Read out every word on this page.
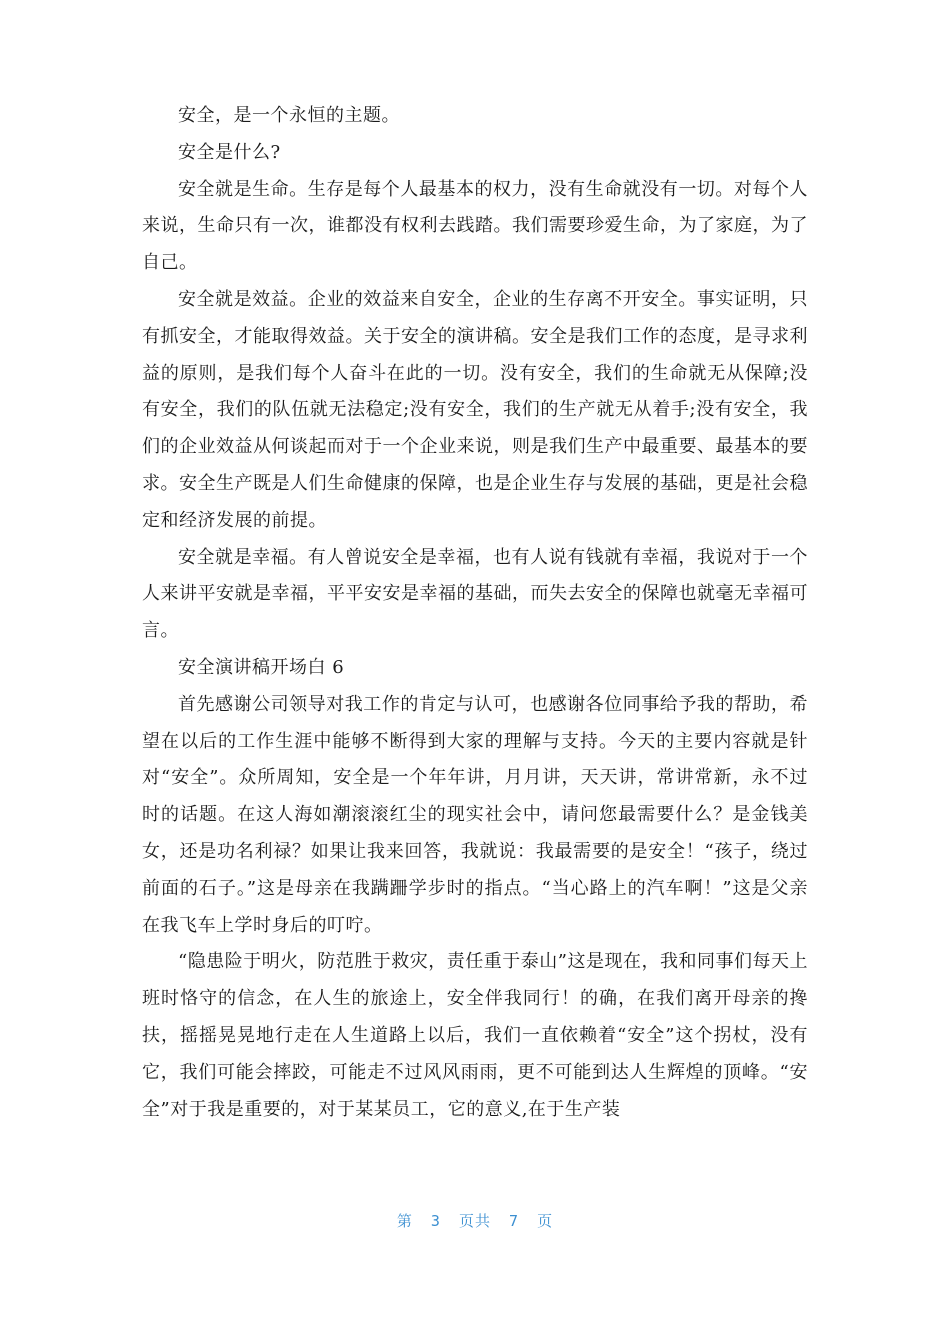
安全，是一个永恒的主题。

安全是什么?

安全就是生命。生存是每个人最基本的权力，没有生命就没有一切。对每个人来说，生命只有一次，谁都没有权利去践踏。我们需要珍爱生命，为了家庭，为了自己。

安全就是效益。企业的效益来自安全，企业的生存离不开安全。事实证明，只有抓安全，才能取得效益。关于安全的演讲稿。安全是我们工作的态度，是寻求利益的原则，是我们每个人奋斗在此的一切。没有安全，我们的生命就无从保障;没有安全，我们的队伍就无法稳定;没有安全，我们的生产就无从着手;没有安全，我们的企业效益从何谈起而对于一个企业来说，则是我们生产中最重要、最基本的要求。安全生产既是人们生命健康的保障，也是企业生存与发展的基础，更是社会稳定和经济发展的前提。

安全就是幸福。有人曾说安全是幸福，也有人说有钱就有幸福，我说对于一个人来讲平安就是幸福，平平安安是幸福的基础，而失去安全的保障也就毫无幸福可言。

安全演讲稿开场白 6

首先感谢公司领导对我工作的肯定与认可，也感谢各位同事给予我的帮助，希望在以后的工作生涯中能够不断得到大家的理解与支持。今天的主要内容就是针对“安全”。众所周知，安全是一个年年讲，月月讲，天天讲，常讲常新，永不过时的话题。在这人海如潮滚滚红尘的现实社会中，请问您最需要什么？是金钱美女，还是功名利禄？如果让我来回答，我就说：我最需要的是安全！“孩子，绕过前面的石子。”这是母亲在我蹒跚学步时的指点。“当心路上的汽车啊！”这是父亲在我飞车上学时身后的叮咛。

“隐患险于明火，防范胜于救灾，责任重于泰山”这是现在，我和同事们每天上班时恪守的信念，在人生的旅途上，安全伴我同行！的确，在我们离开母亲的搀扶，摇摇晃晃地行走在人生道路上以后，我们一直依赖着“安全”这个拐杖，没有它，我们可能会摔跤，可能走不过风风雨雨，更不可能到达人生辉煌的顶峰。“安全”对于我是重要的，对于某某员工，它的意义,在于生产装

第 3 页共 7 页
